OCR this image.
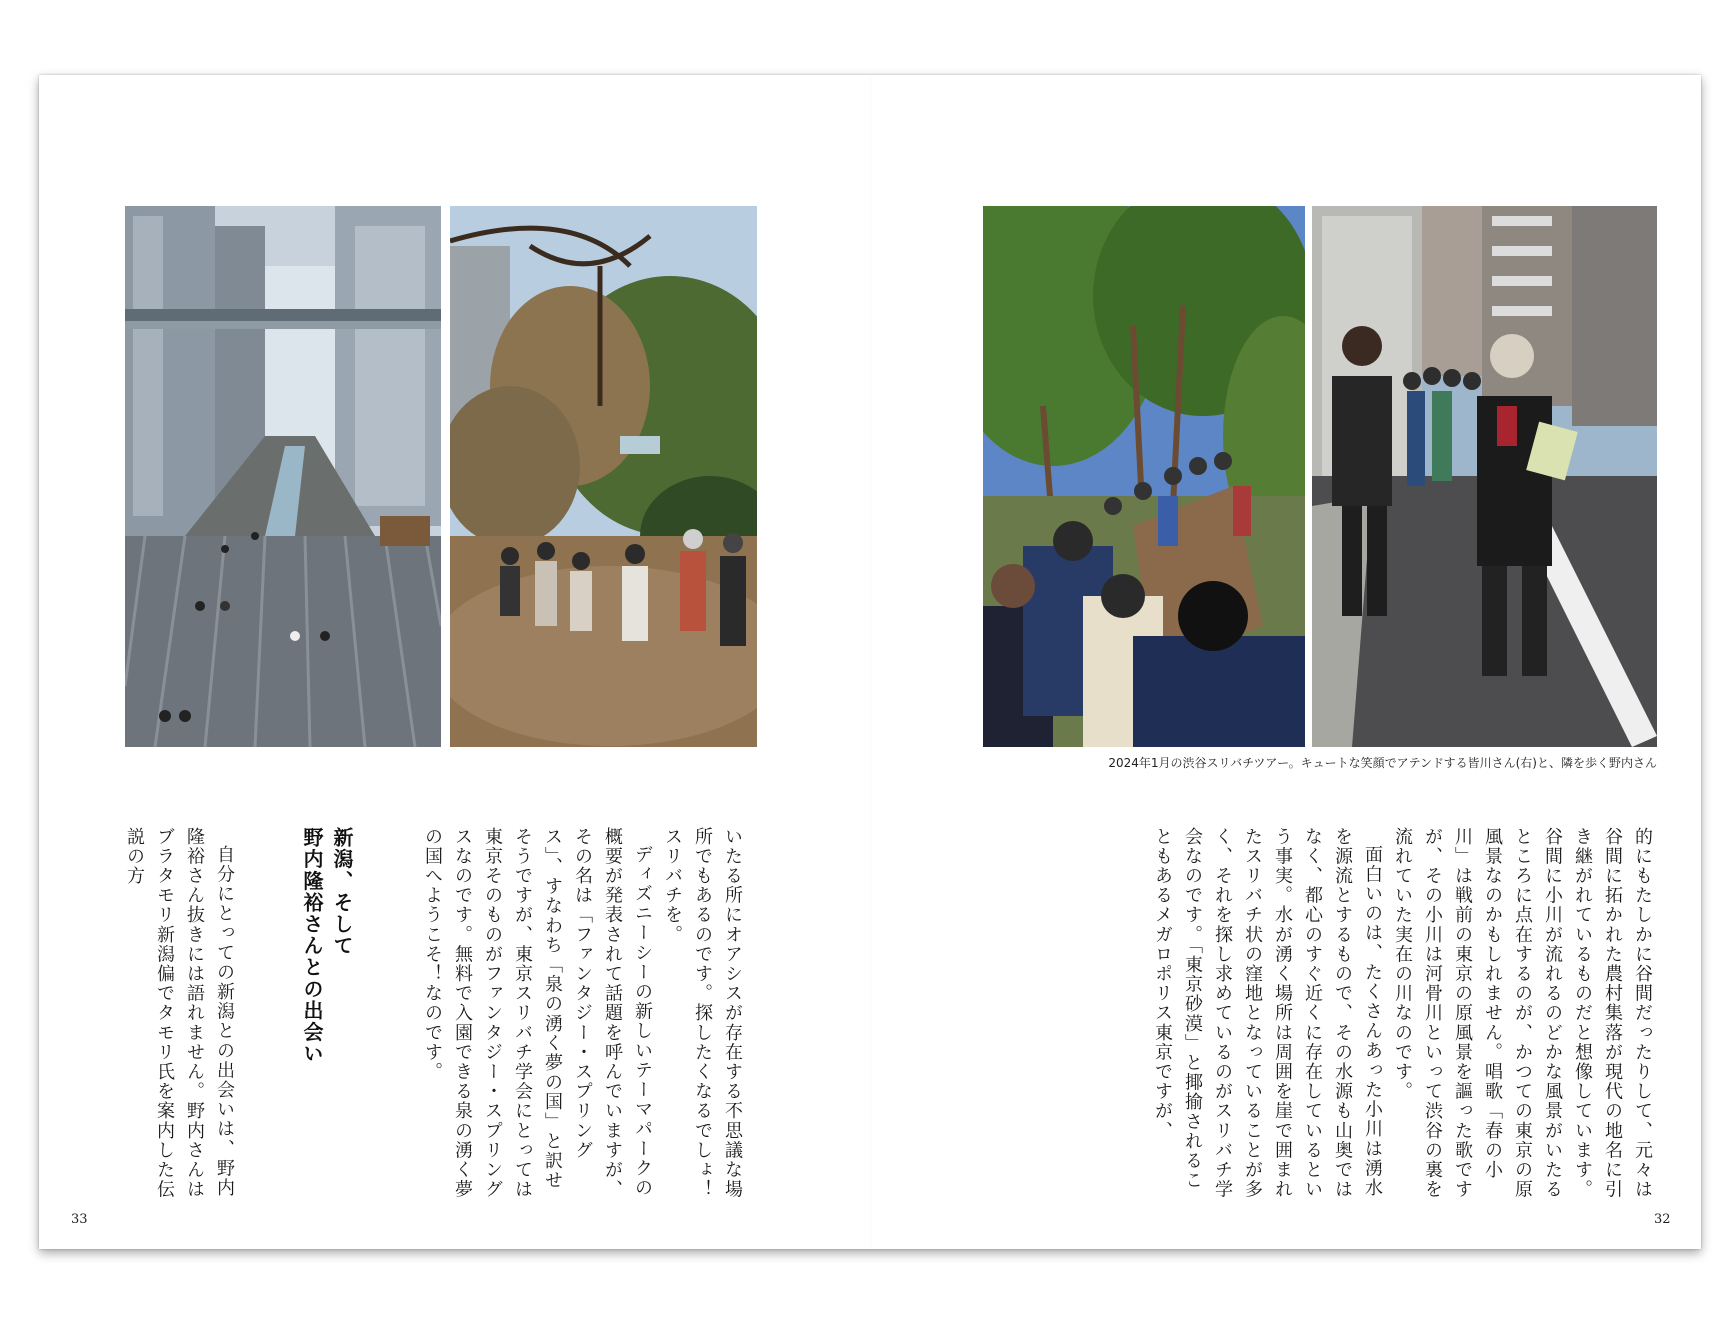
2024年1月の渋谷スリバチツアー。キュートな笑顔でアテンドする皆川さん(右)と、隣を歩く野内さん

いたる所にオアシスが存在する不思議な場所でもあるのです。探したくなるでしょ！スリバチを。

ディズニーシーの新しいテーマパークの概要が発表されて話題を呼んでいますが、その名は「ファンタジー・スプリングス」、すなわち「泉の湧く夢の国」と訳せそうですが、東京スリバチ学会にとっては東京そのものがファンタジー・スプリングスなのです。無料で入園できる泉の湧く夢の国へようこそ！なのです。

新潟、そして
野内隆裕さんとの出会い

自分にとっての新潟との出会いは、野内隆裕さん抜きには語れません。野内さんはブラタモリ新潟偏でタモリ氏を案内した伝説の方

33

的にもたしかに谷間だったりして、元々は谷間に拓かれた農村集落が現代の地名に引き継がれているものだと想像しています。谷間に小川が流れるのどかな風景がいたるところに点在するのが、かつての東京の原風景なのかもしれません。唱歌「春の小川」は戦前の東京の原風景を謳った歌ですが、その小川は河骨川といって渋谷の裏を流れていた実在の川なのです。

面白いのは、たくさんあった小川は湧水を源流とするもので、その水源も山奥ではなく、都心のすぐ近くに存在しているという事実。水が湧く場所は周囲を崖で囲まれたスリバチ状の窪地となっていることが多く、それを探し求めているのがスリバチ学会なのです。「東京砂漠」と揶揄されることもあるメガロポリス東京ですが、

32
